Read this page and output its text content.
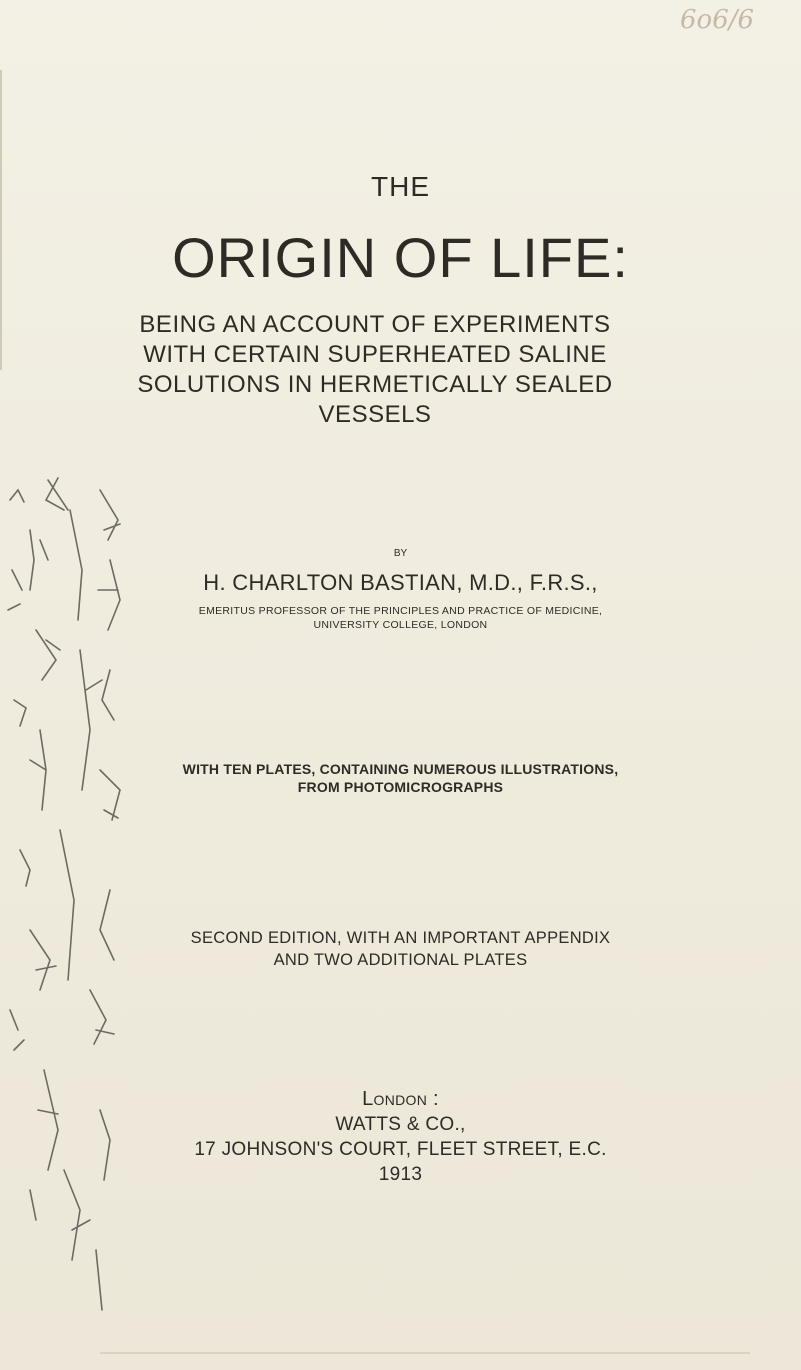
6o6/6
THE
ORIGIN OF LIFE:
BEING AN ACCOUNT OF EXPERIMENTS
WITH CERTAIN SUPERHEATED SALINE
SOLUTIONS IN HERMETICALLY SEALED
VESSELS
BY
H. CHARLTON BASTIAN, M.D., F.R.S.,
EMERITUS PROFESSOR OF THE PRINCIPLES AND PRACTICE OF MEDICINE,
UNIVERSITY COLLEGE, LONDON
WITH TEN PLATES, CONTAINING NUMEROUS ILLUSTRATIONS,
FROM PHOTOMICROGRAPHS
SECOND EDITION, WITH AN IMPORTANT APPENDIX
AND TWO ADDITIONAL PLATES
London :
WATTS & CO.,
17 JOHNSON'S COURT, FLEET STREET, E.C.
1913
